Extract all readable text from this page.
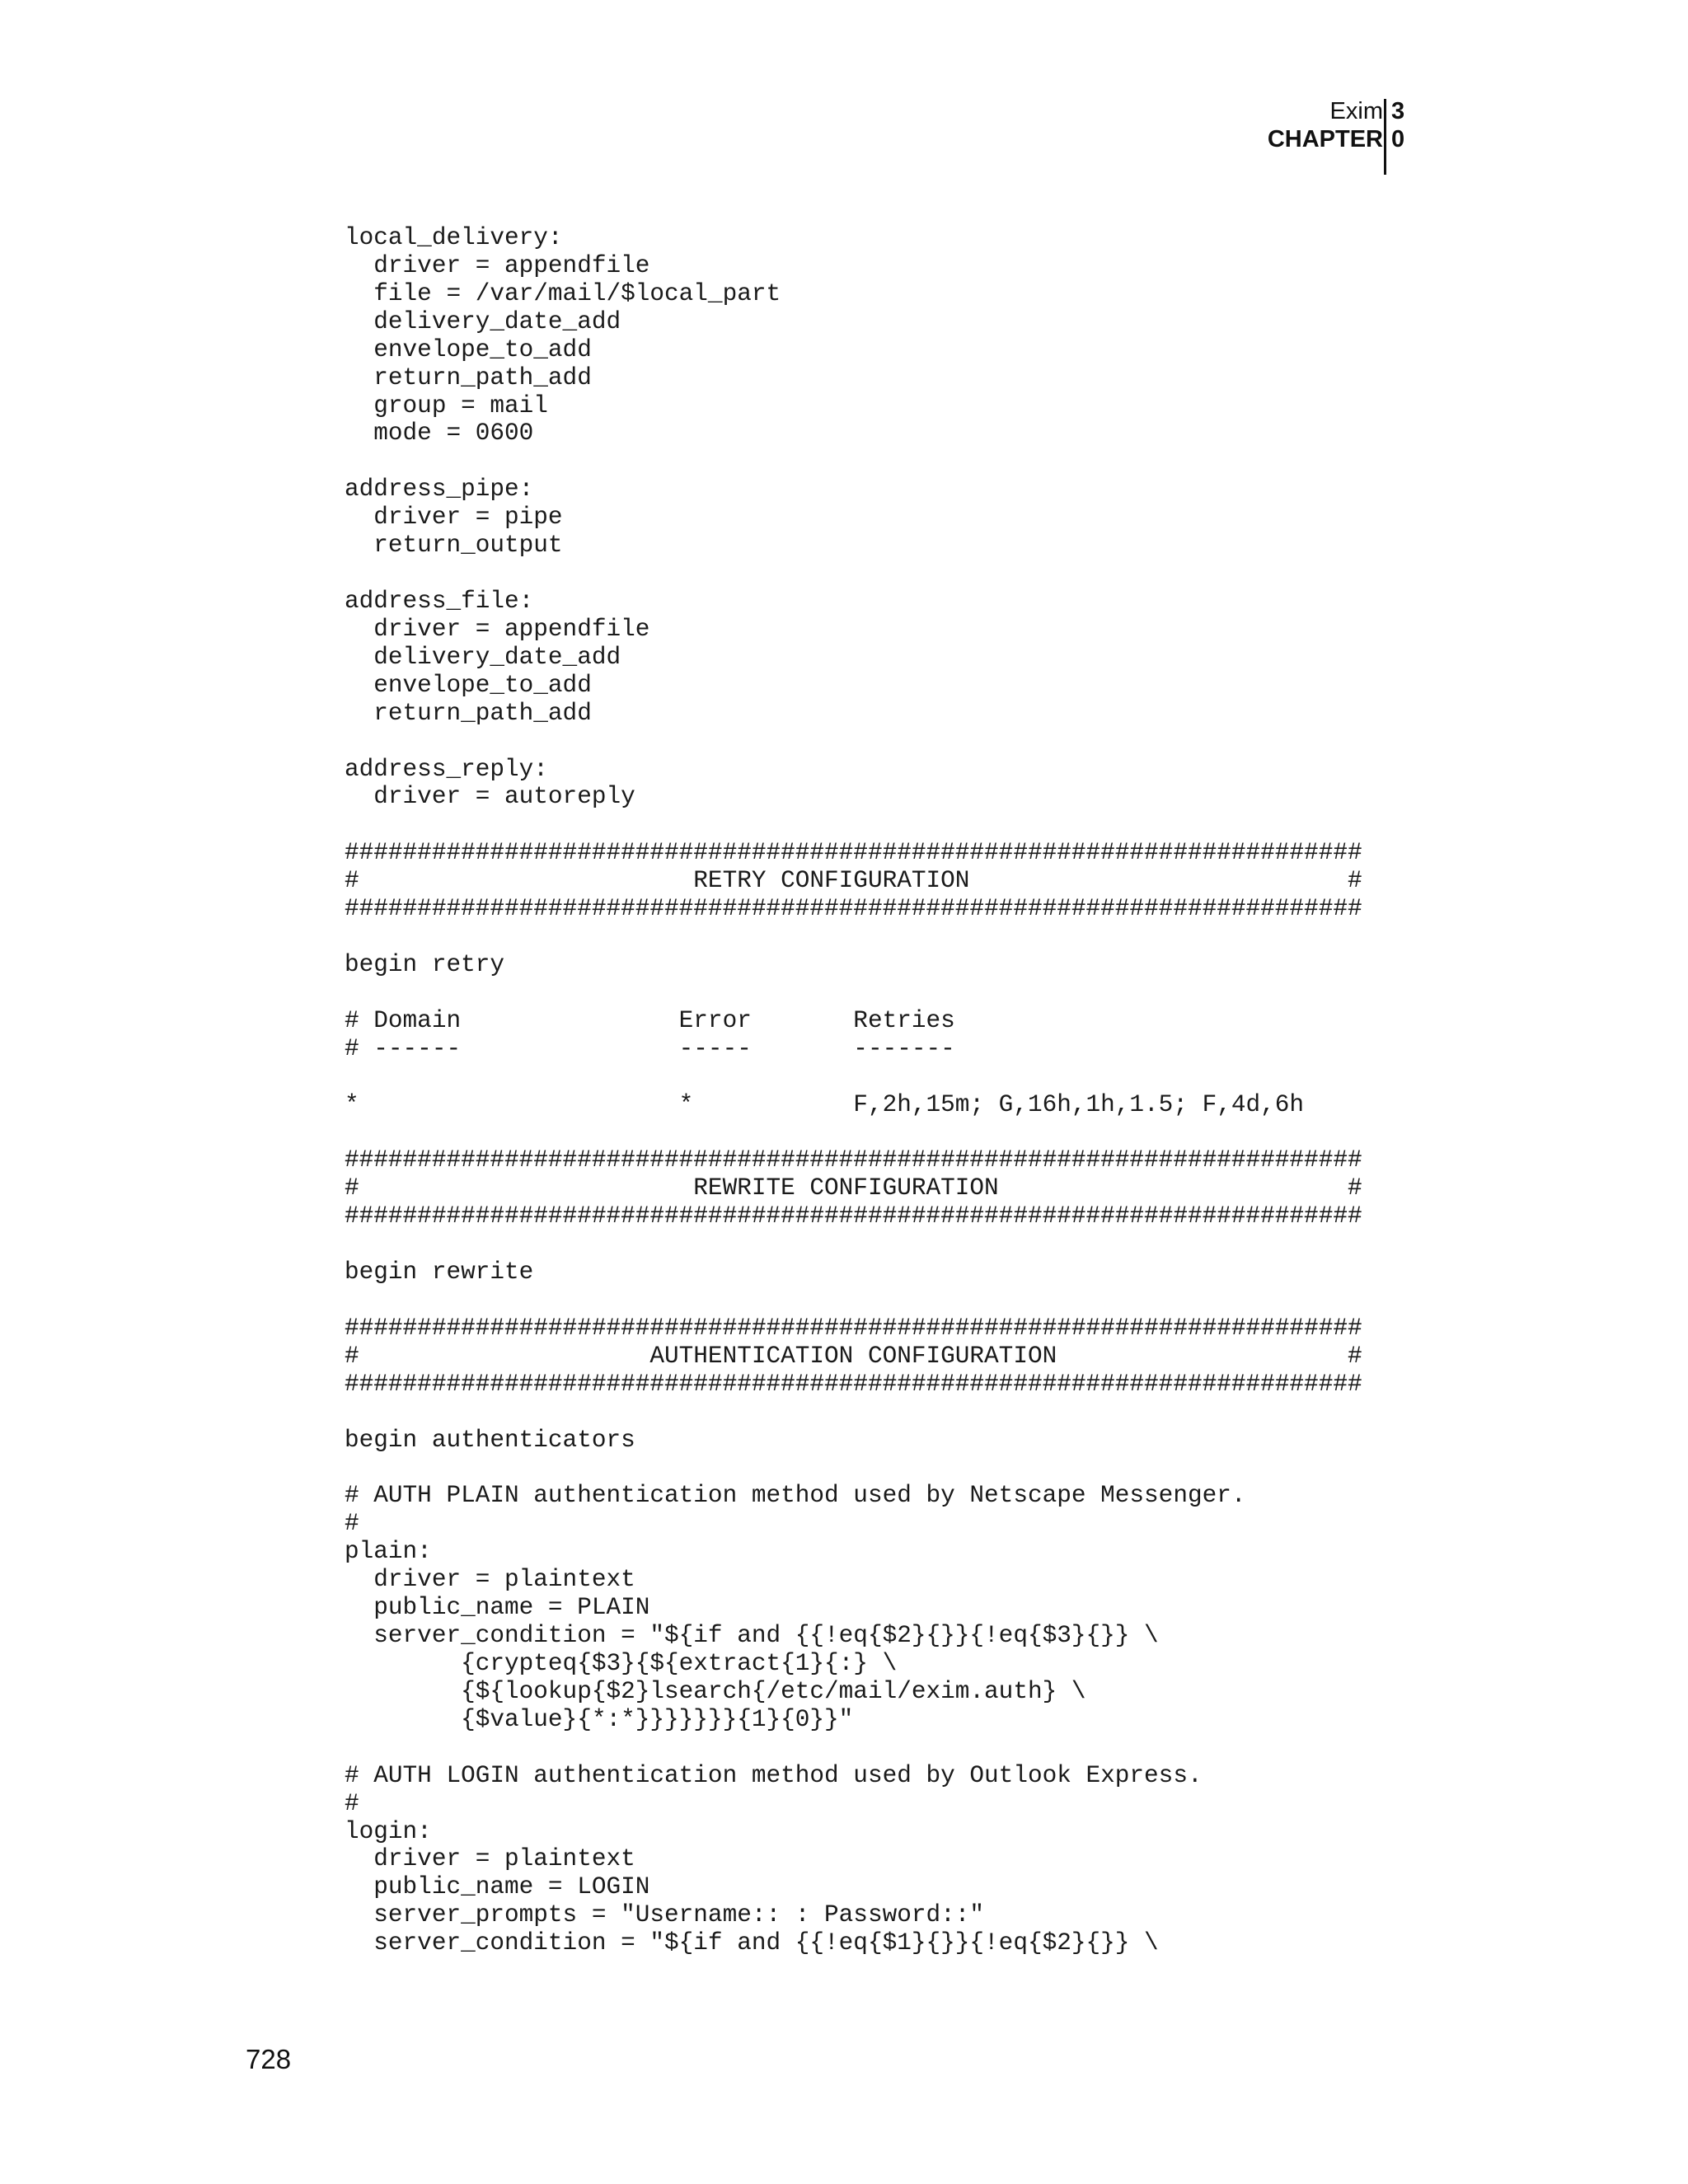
Exim
CHAPTER
3
0
local_delivery:
driver = appendfile
file = /var/mail/$local_part
delivery_date_add
envelope_to_add
return_path_add
group = mail
mode = 0600
address_pipe:
driver = pipe
return_output
address_file:
driver = appendfile
delivery_date_add
envelope_to_add
return_path_add
address_reply:
driver = autoreply
######################################################################
#                       RETRY CONFIGURATION                          #
######################################################################
begin retry
# Domain               Error       Retries
# ------               -----       -------
*                      *           F,2h,15m; G,16h,1h,1.5; F,4d,6h
######################################################################
#                       REWRITE CONFIGURATION                        #
######################################################################
begin rewrite
######################################################################
#                    AUTHENTICATION CONFIGURATION                    #
######################################################################
begin authenticators
# AUTH PLAIN authentication method used by Netscape Messenger.
#
plain:
driver = plaintext
public_name = PLAIN
server_condition = "${if and {{!eq{$2}{}}{!eq{$3}{}} \
{crypteq{$3}{${extract{1}{:} \
{${lookup{$2}lsearch{/etc/mail/exim.auth} \
{$value}{*:*}}}}}}}{1}{0}}"
# AUTH LOGIN authentication method used by Outlook Express.
#
login:
driver = plaintext
public_name = LOGIN
server_prompts = "Username:: : Password::"
server_condition = "${if and {{!eq{$1}{}}{!eq{$2}{}} \
728
